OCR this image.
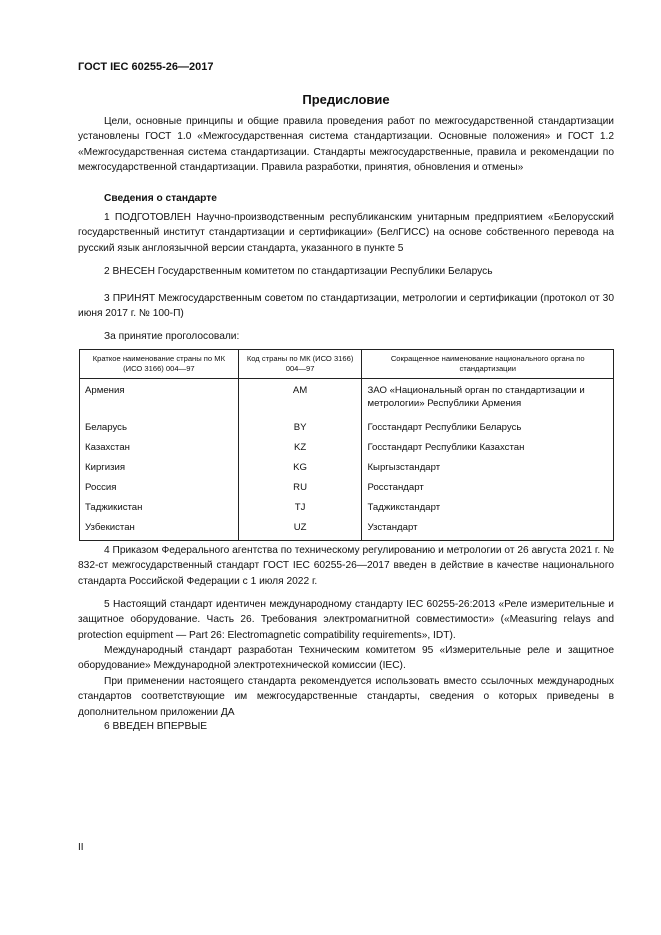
ГОСТ IEC 60255-26—2017
Предисловие
Цели, основные принципы и общие правила проведения работ по межгосударственной стандартизации установлены ГОСТ 1.0 «Межгосударственная система стандартизации. Основные положения» и ГОСТ 1.2 «Межгосударственная система стандартизации. Стандарты межгосударственные, правила и рекомендации по межгосударственной стандартизации. Правила разработки, принятия, обновления и отмены»
Сведения о стандарте
1 ПОДГОТОВЛЕН Научно-производственным республиканским унитарным предприятием «Белорусский государственный институт стандартизации и сертификации» (БелГИСС) на основе собственного перевода на русский язык англоязычной версии стандарта, указанного в пункте 5
2 ВНЕСЕН Государственным комитетом по стандартизации Республики Беларусь
3 ПРИНЯТ Межгосударственным советом по стандартизации, метрологии и сертификации (протокол от 30 июня 2017 г. № 100-П)
За принятие проголосовали:
Краткое наименование страны по МК (ИСО 3166) 004—97	Код страны по МК (ИСО 3166) 004—97	Сокращенное наименование национального органа по стандартизации
Армения	AM	ЗАО «Национальный орган по стандартизации и метрологии» Республики Армения
Беларусь	BY	Госстандарт Республики Беларусь
Казахстан	KZ	Госстандарт Республики Казахстан
Киргизия	KG	Кыргызстандарт
Россия	RU	Росстандарт
Таджикистан	TJ	Таджикстандарт
Узбекистан	UZ	Узстандарт
4 Приказом Федерального агентства по техническому регулированию и метрологии от 26 августа 2021 г. № 832-ст межгосударственный стандарт ГОСТ IEC 60255-26—2017 введен в действие в качестве национального стандарта Российской Федерации с 1 июля 2022 г.
5 Настоящий стандарт идентичен международному стандарту IEC 60255-26:2013 «Реле измерительные и защитное оборудование. Часть 26. Требования электромагнитной совместимости» («Measuring relays and protection equipment — Part 26: Electromagnetic compatibility requirements», IDT).
Международный стандарт разработан Техническим комитетом 95 «Измерительные реле и защитное оборудование» Международной электротехнической комиссии (IEC).
При применении настоящего стандарта рекомендуется использовать вместо ссылочных международных стандартов соответствующие им межгосударственные стандарты, сведения о которых приведены в дополнительном приложении ДА
6 ВВЕДЕН ВПЕРВЫЕ
II
